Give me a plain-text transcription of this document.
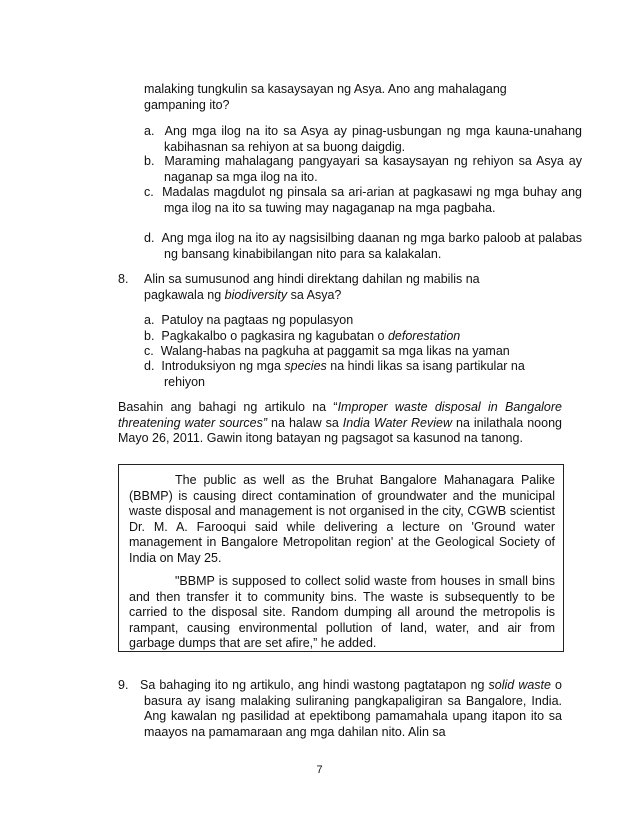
malaking tungkulin sa kasaysayan ng Asya. Ano ang mahalagang gampaning ito?

a. Ang mga ilog na ito sa Asya ay pinag-usbungan ng mga kauna-unahang kabihasnan sa rehiyon at sa buong daigdig.
b. Maraming mahalagang pangyayari sa kasaysayan ng rehiyon sa Asya ay naganap sa mga ilog na ito.
c. Madalas magdulot ng pinsala sa ari-arian at pagkasawi ng mga buhay ang mga ilog na ito sa tuwing may nagaganap na mga pagbaha.
d. Ang mga ilog na ito ay nagsisilbing daanan ng mga barko paloob at palabas ng bansang kinabibilangan nito para sa kalakalan.
8. Alin sa sumusunod ang hindi direktang dahilan ng mabilis na pagkawala ng biodiversity sa Asya?

a. Patuloy na pagtaas ng populasyon
b. Pagkakalbo o pagkasira ng kagubatan o deforestation
c. Walang-habas na pagkuha at paggamit sa mga likas na yaman
d. Introduksiyon ng mga species na hindi likas sa isang partikular na rehiyon

Basahin ang bahagi ng artikulo na “Improper waste disposal in Bangalore threatening water sources” na halaw sa India Water Review na inilathala noong Mayo 26, 2011. Gawin itong batayan ng pagsagot sa kasunod na tanong.

The public as well as the Bruhat Bangalore Mahanagara Palike (BBMP) is causing direct contamination of groundwater and the municipal waste disposal and management is not organised in the city, CGWB scientist Dr. M. A. Farooqui said while delivering a lecture on 'Ground water management in Bangalore Metropolitan region' at the Geological Society of India on May 25.

"BBMP is supposed to collect solid waste from houses in small bins and then transfer it to community bins. The waste is subsequently to be carried to the disposal site. Random dumping all around the metropolis is rampant, causing environmental pollution of land, water, and air from garbage dumps that are set afire,” he added.

9. Sa bahaging ito ng artikulo, ang hindi wastong pagtatapon ng solid waste o basura ay isang malaking suliraning pangkapaligiran sa Bangalore, India. Ang kawalan ng pasilidad at epektibong pamamahala upang itapon ito sa maayos na pamamaraan ang mga dahilan nito. Alin sa

7
